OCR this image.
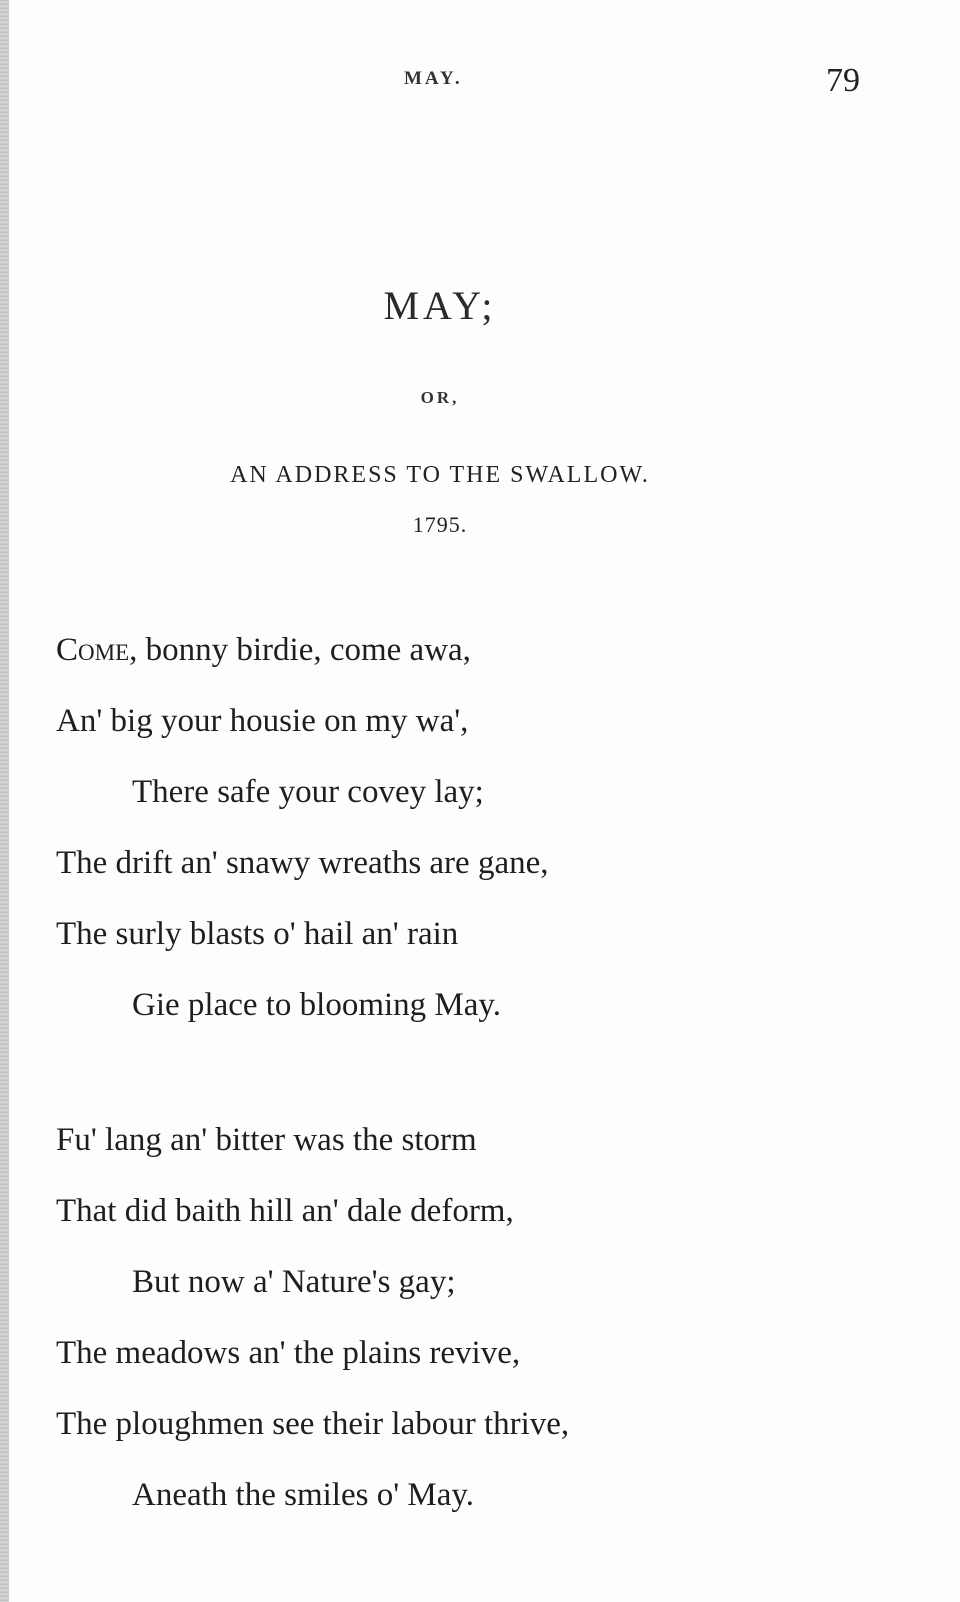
MAY.	79
MAY;
OR,
AN ADDRESS TO THE SWALLOW.
1795.
Come, bonny birdie, come awa,
An' big your housie on my wa',
There safe your covey lay;
The drift an' snawy wreaths are gane,
The surly blasts o' hail an' rain
Gie place to blooming May.
Fu' lang an' bitter was the storm
That did baith hill an' dale deform,
But now a' Nature's gay;
The meadows an' the plains revive,
The ploughmen see their labour thrive,
Aneath the smiles o' May.
